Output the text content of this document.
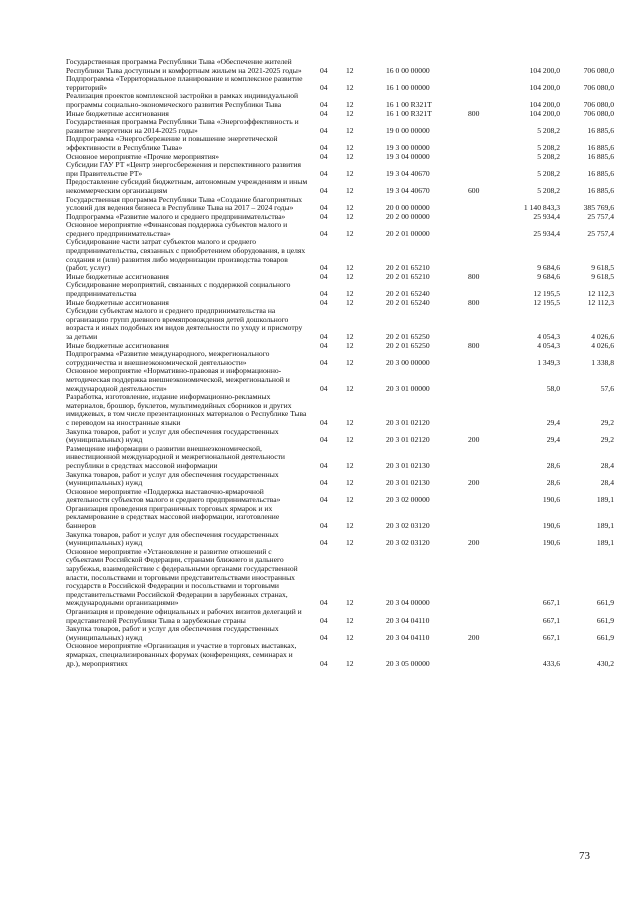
Государственная программа Республики Тыва «Обеспечение жителей Республики Тыва доступным и комфортным жильем на 2021-2025 годы»	04	12	16 0 00 00000		104 200,0	706 080,0
Подпрограмма «Территориальное планирование и комплексное развитие территорий»	04	12	16 1 00 00000		104 200,0	706 080,0
Реализация проектов комплексной застройки в рамках индивидуальной программы социально-экономического развития Республики Тыва	04	12	16 1 00 R321T		104 200,0	706 080,0
Иные бюджетные ассигнования	04	12	16 1 00 R321T	800	104 200,0	706 080,0
Государственная программа Республики Тыва «Энергоэффективность и развитие энергетики на 2014-2025 годы»	04	12	19 0 00 00000		5 208,2	16 885,6
Подпрограмма «Энергосбережение и повышение энергетической эффективности в Республике Тыва»	04	12	19 3 00 00000		5 208,2	16 885,6
Основное мероприятие «Прочие мероприятия»	04	12	19 3 04 00000		5 208,2	16 885,6
Субсидии ГАУ РТ «Центр энергосбережения и перспективного развития при Правительстве РТ»	04	12	19 3 04 40670		5 208,2	16 885,6
Предоставление субсидий бюджетным, автономным учреждениям и иным некоммерческим организациям	04	12	19 3 04 40670	600	5 208,2	16 885,6
Государственная программа Республики Тыва «Создание благоприятных условий для ведения бизнеса в Республике Тыва на 2017 – 2024 годы»	04	12	20 0 00 00000		1 140 843,3	385 769,6
Подпрограмма «Развитие малого и среднего предпринимательства»	04	12	20 2 00 00000		25 934,4	25 757,4
Основное мероприятие «Финансовая поддержка субъектов малого и среднего предпринимательства»	04	12	20 2 01 00000		25 934,4	25 757,4
Субсидирование части затрат субъектов малого и среднего предпринимательства, связанных с приобретением оборудования, в целях создания и (или) развития либо модернизации производства товаров (работ, услуг)	04	12	20 2 01 65210		9 684,6	9 618,5
Иные бюджетные ассигнования	04	12	20 2 01 65210	800	9 684,6	9 618,5
Субсидирование мероприятий, связанных с поддержкой социального предпринимательства	04	12	20 2 01 65240		12 195,5	12 112,3
Иные бюджетные ассигнования	04	12	20 2 01 65240	800	12 195,5	12 112,3
Субсидии субъектам малого и среднего предпринимательства на организацию групп дневного времяпровождения детей дошкольного возраста и иных подобных им видов деятельности по уходу и присмотру за детьми	04	12	20 2 01 65250		4 054,3	4 026,6
Иные бюджетные ассигнования	04	12	20 2 01 65250	800	4 054,3	4 026,6
Подпрограмма «Развитие международного, межрегионального сотрудничества и внешнеэкономической деятельности»	04	12	20 3 00 00000		1 349,3	1 338,8
Основное мероприятие «Нормативно-правовая и информационно-методическая поддержка внешнеэкономической, межрегиональной и международной деятельности»	04	12	20 3 01 00000		58,0	57,6
Разработка, изготовление, издание информационно-рекламных материалов, брошюр, буклетов, мультимедийных сборников и других имиджевых, в том числе презентационных материалов о Республике Тыва с переводом на иностранные языки	04	12	20 3 01 02120		29,4	29,2
Закупка товаров, работ и услуг для обеспечения государственных (муниципальных) нужд	04	12	20 3 01 02120	200	29,4	29,2
Размещение информации о развитии внешнеэкономической, инвестиционной международной и межрегиональной деятельности республики в средствах массовой информации	04	12	20 3 01 02130		28,6	28,4
Закупка товаров, работ и услуг для обеспечения государственных (муниципальных) нужд	04	12	20 3 01 02130	200	28,6	28,4
Основное мероприятие «Поддержка выставочно-ярмарочной деятельности субъектов малого и среднего предпринимательства»	04	12	20 3 02 00000		190,6	189,1
Организация проведения приграничных торговых ярмарок и их рекламирование в средствах массовой информации, изготовление баннеров	04	12	20 3 02 03120		190,6	189,1
Закупка товаров, работ и услуг для обеспечения государственных (муниципальных) нужд	04	12	20 3 02 03120	200	190,6	189,1
Основное мероприятие «Установление и развитие отношений с субъектами Российской Федерации, странами ближнего и дальнего зарубежья, взаимодействие с федеральными органами государственной власти, посольствами и торговыми представительствами иностранных государств в Российской Федерации и посольствами и торговыми представительствами Российской Федерации в зарубежных странах, международными организациями»	04	12	20 3 04 00000		667,1	661,9
Организация и проведение официальных и рабочих визитов делегаций и представителей Республики Тыва в зарубежные страны	04	12	20 3 04 04110		667,1	661,9
Закупка товаров, работ и услуг для обеспечения государственных (муниципальных) нужд	04	12	20 3 04 04110	200	667,1	661,9
Основное мероприятие «Организация и участие в торговых выставках, ярмарках, специализированных форумах (конференциях, семинарах и др.), мероприятиях	04	12	20 3 05 00000		433,6	430,2
73
